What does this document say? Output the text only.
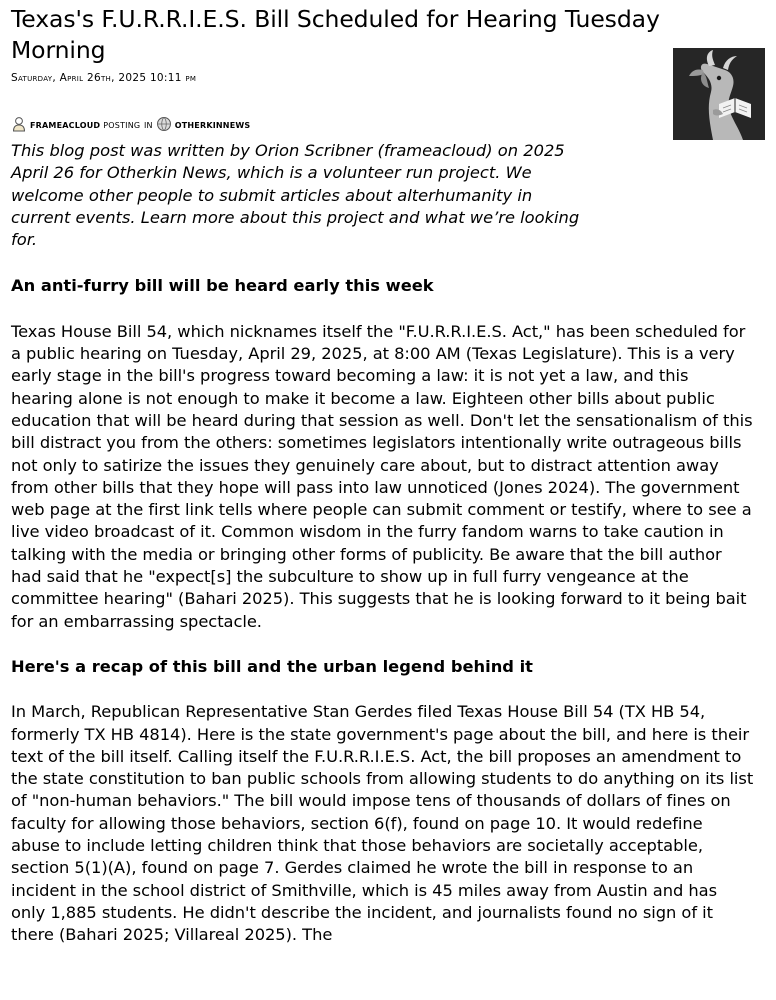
Texas's F.U.R.R.I.E.S. Bill Scheduled for Hearing Tuesday Morning
Saturday, April 26th, 2025 10:11 pm
frameacloud posting in otherkinnews

This blog post was written by Orion Scribner (frameacloud) on 2025 April 26 for Otherkin News, which is a volunteer run project. We welcome other people to submit articles about alterhumanity in current events. Learn more about this project and what we’re looking for.

An anti-furry bill will be heard early this week

Texas House Bill 54, which nicknames itself the "F.U.R.R.I.E.S. Act," has been scheduled for a public hearing on Tuesday, April 29, 2025, at 8:00 AM (Texas Legislature). This is a very early stage in the bill's progress toward becoming a law: it is not yet a law, and this hearing alone is not enough to make it become a law. Eighteen other bills about public education that will be heard during that session as well. Don't let the sensationalism of this bill distract you from the others: sometimes legislators intentionally write outrageous bills not only to satirize the issues they genuinely care about, but to distract attention away from other bills that they hope will pass into law unnoticed (Jones 2024). The government web page at the first link tells where people can submit comment or testify, where to see a live video broadcast of it. Common wisdom in the furry fandom warns to take caution in talking with the media or bringing other forms of publicity. Be aware that the bill author had said that he "expect[s] the subculture to show up in full furry vengeance at the committee hearing" (Bahari 2025). This suggests that he is looking forward to it being bait for an embarrassing spectacle.

Here's a recap of this bill and the urban legend behind it

In March, Republican Representative Stan Gerdes filed Texas House Bill 54 (TX HB 54, formerly TX HB 4814). Here is the state government's page about the bill, and here is their text of the bill itself. Calling itself the F.U.R.R.I.E.S. Act, the bill proposes an amendment to the state constitution to ban public schools from allowing students to do anything on its list of "non-human behaviors." The bill would impose tens of thousands of dollars of fines on faculty for allowing those behaviors, section 6(f), found on page 10. It would redefine abuse to include letting children think that those behaviors are societally acceptable, section 5(1)(A), found on page 7. Gerdes claimed he wrote the bill in response to an incident in the school district of Smithville, which is 45 miles away from Austin and has only 1,885 students. He didn't describe the incident, and journalists found no sign of it there (Bahari 2025; Villareal 2025). The
